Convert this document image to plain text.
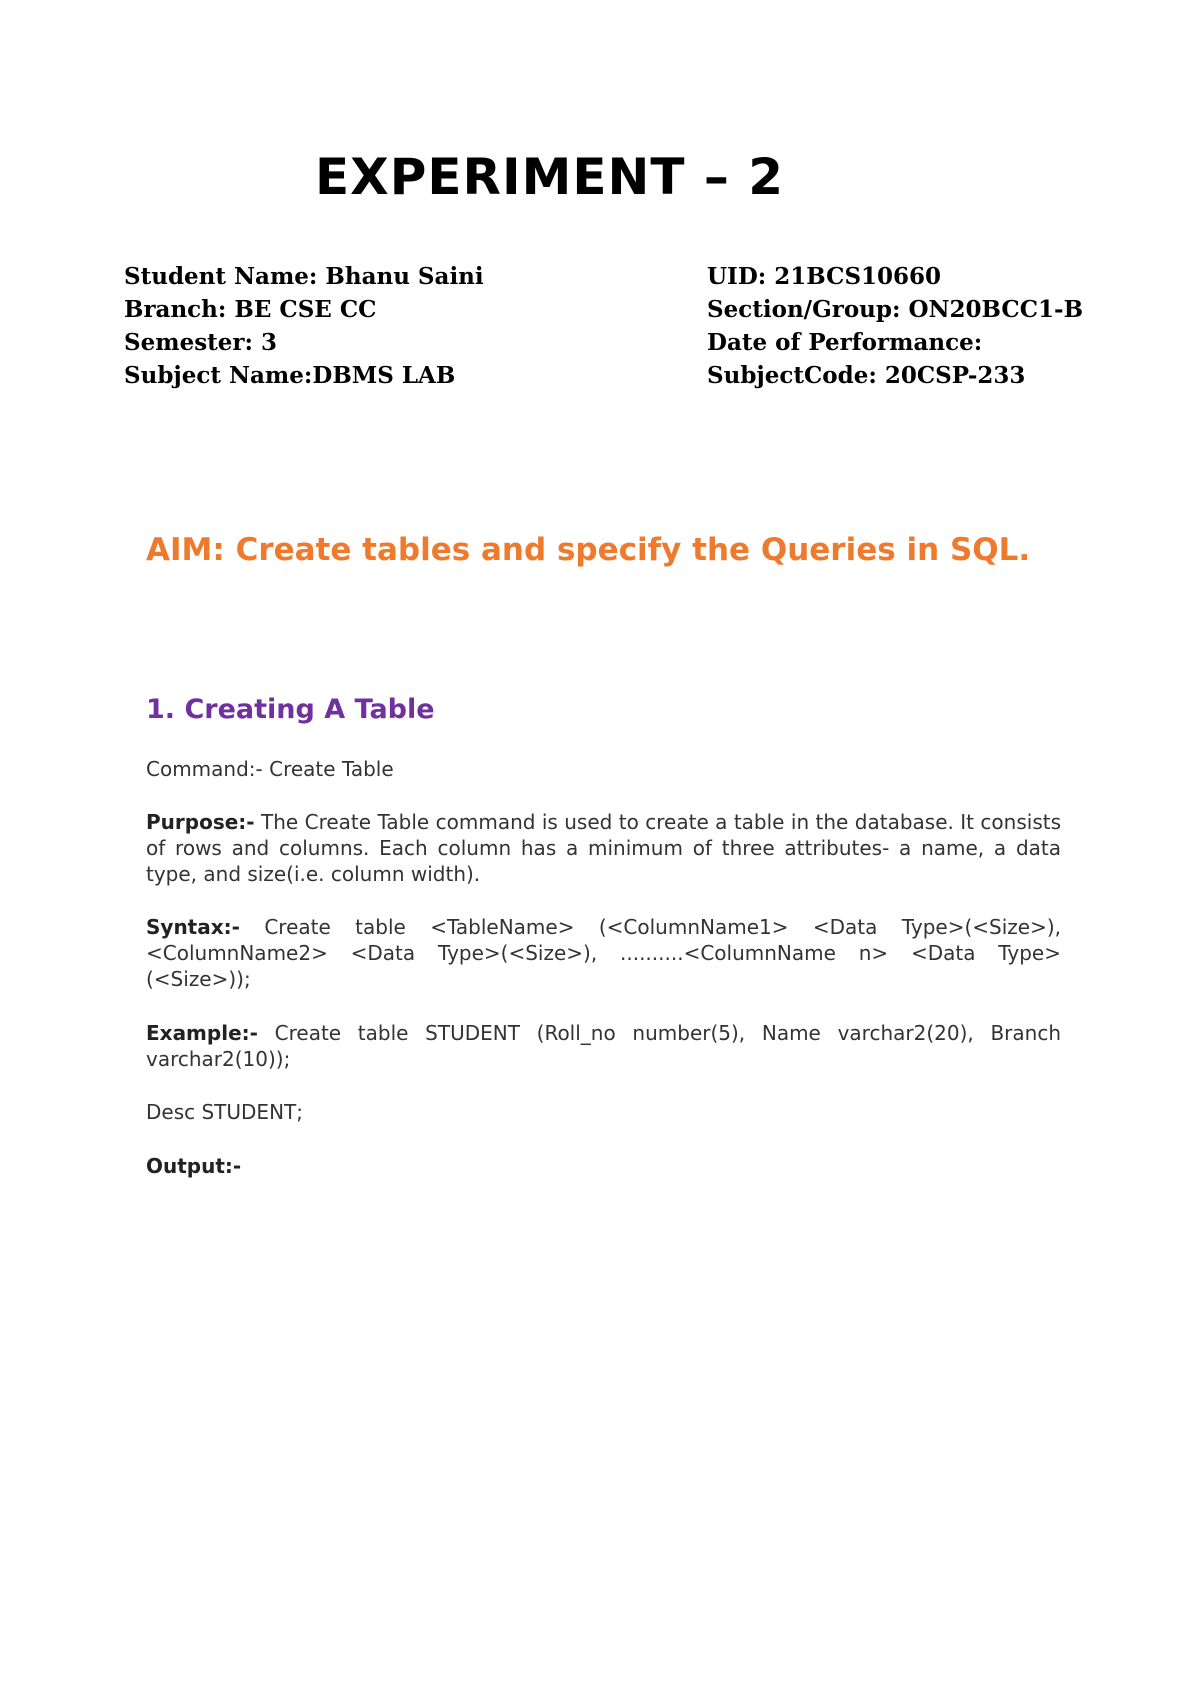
EXPERIMENT – 2
Student Name: Bhanu Saini
Branch: BE CSE CC
Semester: 3
Subject Name:DBMS LAB
UID: 21BCS10660
Section/Group: ON20BCC1-B
Date of Performance:
SubjectCode: 20CSP-233
AIM: Create tables and specify the Queries in SQL.
1. Creating A Table

Command:- Create Table

Purpose:- The Create Table command is used to create a table in the database. It consists of rows and columns. Each column has a minimum of three attributes- a name, a data type, and size(i.e. column width).

Syntax:- Create table <TableName> (<ColumnName1> <Data Type>(<Size>), <ColumnName2> <Data Type>(<Size>), ..........<ColumnName n> <Data Type>(<Size>));

Example:- Create table STUDENT (Roll_no number(5), Name varchar2(20), Branch varchar2(10));

Desc STUDENT;

Output:-
